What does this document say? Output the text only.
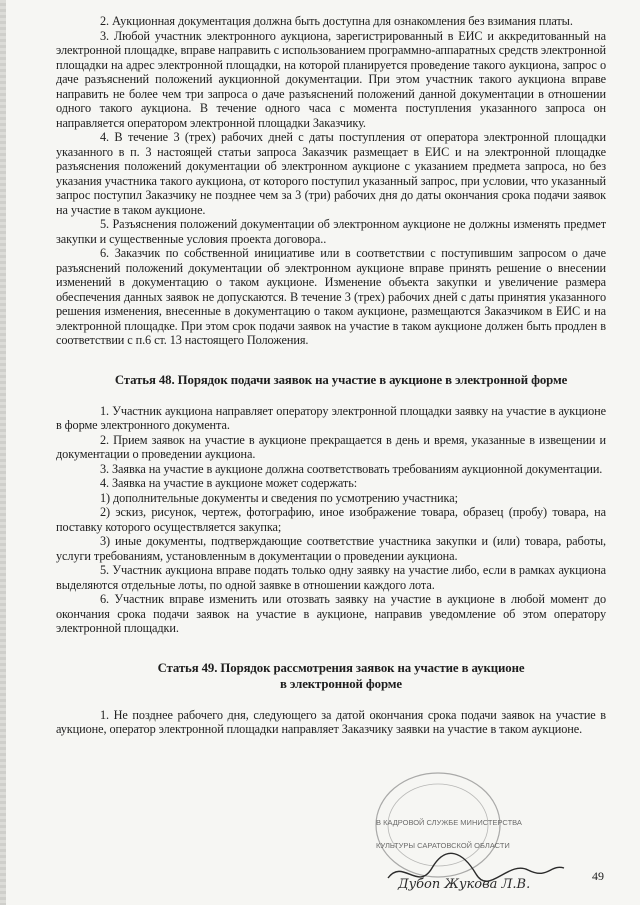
2. Аукционная документация должна быть доступна для ознакомления без взимания платы.

3. Любой участник электронного аукциона, зарегистрированный в ЕИС и аккредитованный на электронной площадке, вправе направить с использованием программно-аппаратных средств электронной площадки на адрес электронной площадки, на которой планируется проведение такого аукциона, запрос о даче разъяснений положений аукционной документации. При этом участник такого аукциона вправе направить не более чем три запроса о даче разъяснений положений данной документации в отношении одного такого аукциона. В течение одного часа с момента поступления указанного запроса он направляется оператором электронной площадки Заказчику.

4. В течение 3 (трех) рабочих дней с даты поступления от оператора электронной площадки указанного в п. 3 настоящей статьи запроса Заказчик размещает в ЕИС и на электронной площадке разъяснения положений документации об электронном аукционе с указанием предмета запроса, но без указания участника такого аукциона, от которого поступил указанный запрос, при условии, что указанный запрос поступил Заказчику не позднее чем за 3 (три) рабочих дня до даты окончания срока подачи заявок на участие в таком аукционе.

5. Разъяснения положений документации об электронном аукционе не должны изменять предмет закупки и существенные условия проекта договора..

6. Заказчик по собственной инициативе или в соответствии с поступившим запросом о даче разъяснений положений документации об электронном аукционе вправе принять решение о внесении изменений в документацию о таком аукционе. Изменение объекта закупки и увеличение размера обеспечения данных заявок не допускаются. В течение 3 (трех) рабочих дней с даты принятия указанного решения изменения, внесенные в документацию о таком аукционе, размещаются Заказчиком в ЕИС и на электронной площадке. При этом срок подачи заявок на участие в таком аукционе должен быть продлен в соответствии с п.6 ст. 13 настоящего Положения.

Статья 48. Порядок подачи заявок на участие в аукционе в электронной форме

1. Участник аукциона направляет оператору электронной площадки заявку на участие в аукционе в форме электронного документа.

2. Прием заявок на участие в аукционе прекращается в день и время, указанные в извещении и документации о проведении аукциона.

3. Заявка на участие в аукционе должна соответствовать требованиям аукционной документации.

4. Заявка на участие в аукционе может содержать:

1) дополнительные документы и сведения по усмотрению участника;

2) эскиз, рисунок, чертеж, фотографию, иное изображение товара, образец (пробу) товара, на поставку которого осуществляется закупка;

3) иные документы, подтверждающие соответствие участника закупки и (или) товара, работы, услуги требованиям, установленным в документации о проведении аукциона.

5. Участник аукциона вправе подать только одну заявку на участие либо, если в рамках аукциона выделяются отдельные лоты, по одной заявке в отношении каждого лота.

6. Участник вправе изменить или отозвать заявку на участие в аукционе в любой момент до окончания срока подачи заявок на участие в аукционе, направив уведомление об этом оператору электронной площадки.

Статья 49. Порядок рассмотрения заявок на участие в аукционе
в электронной форме

1. Не позднее рабочего дня, следующего за датой окончания срока подачи заявок на участие в аукционе, оператор электронной площадки направляет Заказчику заявки на участие в таком аукционе.

В КАДРОВОЙ СЛУЖБЕ МИНИСТЕРСТВА
КУЛЬТУРЫ САРАТОВСКОЙ ОБЛАСТИ
Дубоп Жукова Л.В.
49
